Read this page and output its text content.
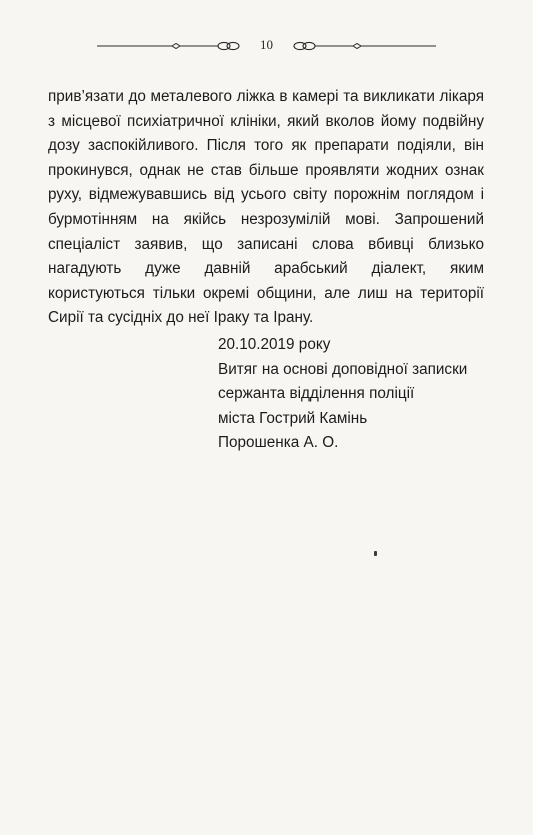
10

прив’язати до металевого ліжка в камері та викликати лікаря з місцевої психіатричної клініки, який вколов йому подвійну дозу заспокійливого. Після того як препарати подіяли, він прокинувся, однак не став більше проявляти жодних ознак руху, відмежувавшись від усього світу порожнім поглядом і бурмотінням на якійсь незрозумілій мові. Запрошений спеціаліст заявив, що записані слова вбивці близько нагадують дуже давній арабський діалект, яким користуються тільки окремі общини, але лиш на території Сирії та сусідніх до неї Іраку та Ірану.

20.10.2019 року
Витяг на основі доповідної записки
сержанта відділення поліції
міста Гострий Камінь
Порошенка А. О.
